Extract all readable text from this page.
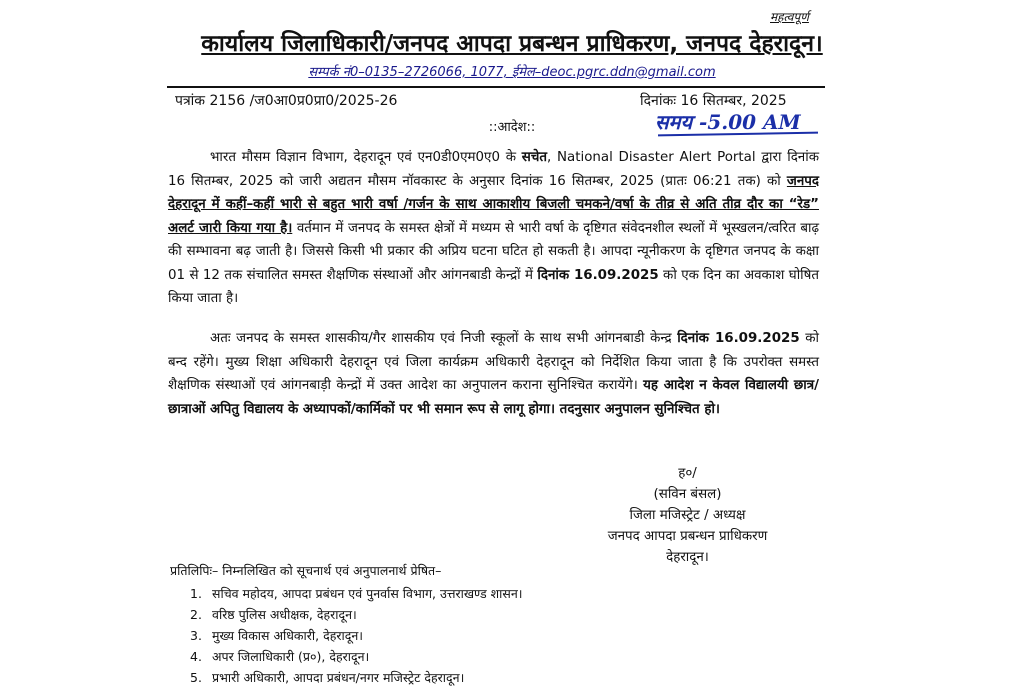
महत्वपूर्ण
कार्यालय जिलाधिकारी/जनपद आपदा प्रबन्धन प्राधिकरण, जनपद देहरादून।
सम्पर्क नं0–0135–2726066, 1077, ईमेल–deoc.pgrc.ddn@gmail.com
पत्रांक 2156 /ज0आ0प्र0प्रा0/2025-26	दिनांकः 16 सितम्बर, 2025
समय -5.00 AM
::आदेश::
भारत मौसम विज्ञान विभाग, देहरादून एवं एन0डी0एम0ए0 के सचेत, National Disaster Alert Portal द्वारा दिनांक 16 सितम्बर, 2025 को जारी अद्यतन मौसम नॉवकास्ट के अनुसार दिनांक 16 सितम्बर, 2025 (प्रातः 06:21 तक) को जनपद देहरादून में कहीं–कहीं भारी से बहुत भारी वर्षा /गर्जन के साथ आकाशीय बिजली चमकने/वर्षा के तीव्र से अति तीव्र दौर का “रेड” अलर्ट जारी किया गया है। वर्तमान में जनपद के समस्त क्षेत्रों में मध्यम से भारी वर्षा के दृष्टिगत संवेदनशील स्थलों में भूस्खलन/त्वरित बाढ़ की सम्भावना बढ़ जाती है। जिससे किसी भी प्रकार की अप्रिय घटना घटित हो सकती है। आपदा न्यूनीकरण के दृष्टिगत जनपद के कक्षा 01 से 12 तक संचालित समस्त शैक्षणिक संस्थाओं और आंगनबाडी केन्द्रों में दिनांक 16.09.2025 को एक दिन का अवकाश घोषित किया जाता है।
अतः जनपद के समस्त शासकीय/गैर शासकीय एवं निजी स्कूलों के साथ सभी आंगनबाडी केन्द्र दिनांक 16.09.2025 को बन्द रहेंगे। मुख्य शिक्षा अधिकारी देहरादून एवं जिला कार्यक्रम अधिकारी देहरादून को निर्देशित किया जाता है कि उपरोक्त समस्त शैक्षणिक संस्थाओं एवं आंगनबाड़ी केन्द्रों में उक्त आदेश का अनुपालन कराना सुनिश्चित करायेंगे। यह आदेश न केवल विद्यालयी छात्र/छात्राओं अपितु विद्यालय के अध्यापकों/कार्मिकों पर भी समान रूप से लागू होगा। तदनुसार अनुपालन सुनिश्चित हो।
ह०/
(सविन बंसल)
जिला मजिस्ट्रेट / अध्यक्ष
जनपद आपदा प्रबन्धन प्राधिकरण
देहरादून।
प्रतिलिपिः– निम्नलिखित को सूचनार्थ एवं अनुपालनार्थ प्रेषित–
1. सचिव महोदय, आपदा प्रबंधन एवं पुनर्वास विभाग, उत्तराखण्ड शासन।
2. वरिष्ठ पुलिस अधीक्षक, देहरादून।
3. मुख्य विकास अधिकारी, देहरादून।
4. अपर जिलाधिकारी (प्र०), देहरादून।
5. प्रभारी अधिकारी, आपदा प्रबंधन/नगर मजिस्ट्रेट देहरादून।
